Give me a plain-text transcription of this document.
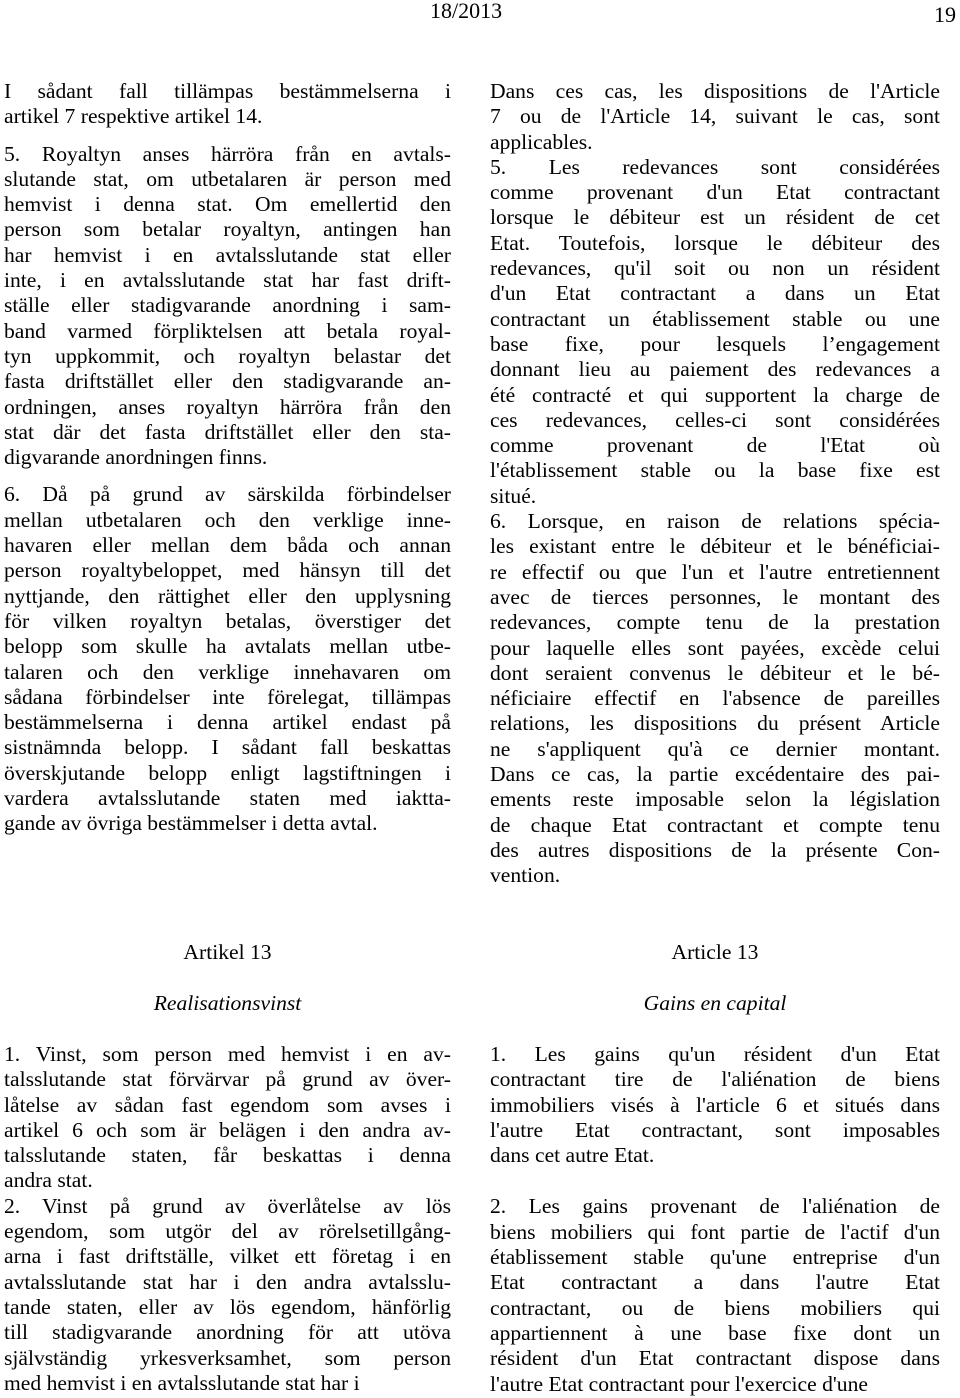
18/2013	19
I sådant fall tillämpas bestämmelserna i
artikel 7 respektive artikel 14.
5. Royaltyn anses härröra från en avtals-
slutande stat, om utbetalaren är person med
hemvist i denna stat. Om emellertid den
person som betalar royaltyn, antingen han
har hemvist i en avtalsslutande stat eller
inte, i en avtalsslutande stat har fast drift-
ställe eller stadigvarande anordning i sam-
band varmed förpliktelsen att betala royal-
tyn uppkommit, och royaltyn belastar det
fasta driftstället eller den stadigvarande an-
ordningen, anses royaltyn härröra från den
stat där det fasta driftstället eller den sta-
digvarande anordningen finns.
6. Då på grund av särskilda förbindelser
mellan utbetalaren och den verklige inne-
havaren eller mellan dem båda och annan
person royaltybeloppet, med hänsyn till det
nyttjande, den rättighet eller den upplysning
för vilken royaltyn betalas, överstiger det
belopp som skulle ha avtalats mellan utbe-
talaren och den verklige innehavaren om
sådana förbindelser inte förelegat, tillämpas
bestämmelserna i denna artikel endast på
sistnämnda belopp. I sådant fall beskattas
överskjutande belopp enligt lagstiftningen i
vardera avtalsslutande staten med iaktta-
gande av övriga bestämmelser i detta avtal.
Dans ces cas, les dispositions de l'Article
7 ou de l'Article 14, suivant le cas, sont
applicables.
5. Les redevances sont considérées
comme provenant d'un Etat contractant
lorsque le débiteur est un résident de cet
Etat. Toutefois, lorsque le débiteur des
redevances, qu'il soit ou non un résident
d'un Etat contractant a dans un Etat
contractant un établissement stable ou une
base fixe, pour lesquels l’engagement
donnant lieu au paiement des redevances a
été contracté et qui supportent la charge de
ces redevances, celles-ci sont considérées
comme provenant de l'Etat où
l'établissement stable ou la base fixe est
situé.
6. Lorsque, en raison de relations spécia-
les existant entre le débiteur et le bénéficiai-
re effectif ou que l'un et l'autre entretiennent
avec de tierces personnes, le montant des
redevances, compte tenu de la prestation
pour laquelle elles sont payées, excède celui
dont seraient convenus le débiteur et le bé-
néficiaire effectif en l'absence de pareilles
relations, les dispositions du présent Article
ne s'appliquent qu'à ce dernier montant.
Dans ce cas, la partie excédentaire des pai-
ements reste imposable selon la législation
de chaque Etat contractant et compte tenu
des autres dispositions de la présente Con-
vention.
Artikel 13
Realisationsvinst
Article 13
Gains en capital
1. Vinst, som person med hemvist i en av-
talsslutande stat förvärvar på grund av över-
låtelse av sådan fast egendom som avses i
artikel 6 och som är belägen i den andra av-
talsslutande staten, får beskattas i denna
andra stat.
2. Vinst på grund av överlåtelse av lös
egendom, som utgör del av rörelsetillgång-
arna i fast driftställe, vilket ett företag i en
avtalsslutande stat har i den andra avtalsslu-
tande staten, eller av lös egendom, hänförlig
till stadigvarande anordning för att utöva
självständig yrkesverksamhet, som person
med hemvist i en avtalsslutande stat har i
1. Les gains qu'un résident d'un Etat
contractant tire de l'aliénation de biens
immobiliers visés à l'article 6 et situés dans
l'autre Etat contractant, sont imposables
dans cet autre Etat.
2. Les gains provenant de l'aliénation de
biens mobiliers qui font partie de l'actif d'un
établissement stable qu'une entreprise d'un
Etat contractant a dans l'autre Etat
contractant, ou de biens mobiliers qui
appartiennent à une base fixe dont un
résident d'un Etat contractant dispose dans
l'autre Etat contractant pour l'exercice d'une
